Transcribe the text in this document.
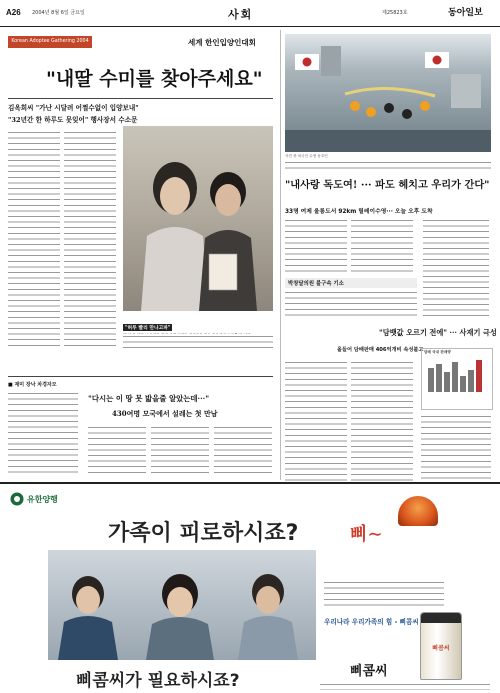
A26 2004년 8월 6일 금요일	사회	제25823호	동아일보
Korean Adoptee Gathering 2004	세계 한인입양인대회
"내딸 수미를 찾아주세요"
김옥희씨 "가난 시달려 어쩔수없이 입양보내"
"32년간 한 하루도 못잊어" 행사장서 수소문
"허루 빨리 만나고파"
■ 재미 장낙 차경자모
"다시는 이 땅 못 밟을줄 알았는데···"
430여명 모국에서 설레는 첫 만남
사진 중 외국인 수영 동호인
"내사랑 독도여! ··· 파도 헤치고 우리가 간다"
33명 여제 울릉도서 92km 릴레이수영··· 오늘 오후 도착
박창달의원 불구속 기소
"담뱃값 오르기 전에" ··· 사재기 극성
올들어 담배판매 406억개비 속성불고 담배 국내 판매량
유한양행
가족이 피로하시죠?	삐∼
우리나라 우리가족의 힘 - 삐콤씨
삐콤씨가 필요하시죠?
삐콤씨
삐콤씨
